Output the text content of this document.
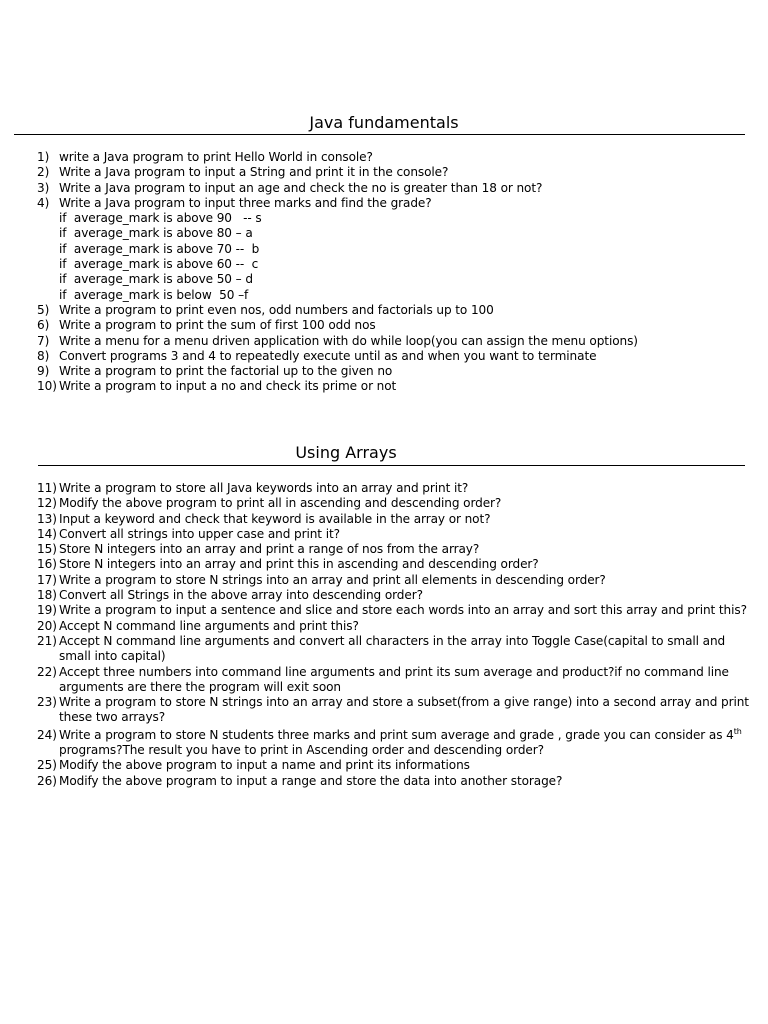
Java fundamentals
1) write a Java program to print Hello World in console?
2) Write a Java program to input a String and print it in the console?
3) Write a Java program to input an age and check the no is greater than 18 or not?
4) Write a Java program to input three marks and find the grade?
if  average_mark is above 90   -- s
if  average_mark is above 80 – a
if  average_mark is above 70 --  b
if  average_mark is above 60 --  c
if  average_mark is above 50 – d
if  average_mark is below  50 –f
5) Write a program to print even nos, odd numbers and factorials up to 100
6) Write a program to print the sum of first 100 odd nos
7) Write a menu for a menu driven application with do while loop(you can assign the menu options)
8) Convert programs 3 and 4 to repeatedly execute until as and when you want to terminate
9) Write a program to print the factorial up to the given no
10) Write a program to input a no and check its prime or not
Using Arrays
11) Write a program to store all Java keywords into an array and print it?
12) Modify the above program to print all in ascending and descending order?
13) Input a keyword and check that keyword is available in the array or not?
14) Convert all strings into upper case and print it?
15) Store N integers into an array and print a range of nos from the array?
16) Store N integers into an array and print this in ascending and descending order?
17) Write a program to store N strings into an array and print all elements in descending order?
18) Convert all Strings in the above array into descending order?
19) Write a program to input a sentence and slice and store each words into an array and sort this array and print this?
20) Accept N command line arguments and print this?
21) Accept N command line arguments and convert all characters in the array into Toggle Case(capital to small and small into capital)
22) Accept three numbers into command line arguments and print its sum average and product?if no command line arguments are there the program will exit soon
23) Write a program to store N strings into an array and store a subset(from a give range) into a second array and print these two arrays?
24) Write a program to store N students three marks and print sum average and grade , grade you can consider as 4th programs?The result you have to print in Ascending order and descending order?
25) Modify the above program to input a name and print its informations
26) Modify the above program to input a range and store the data into another storage?
